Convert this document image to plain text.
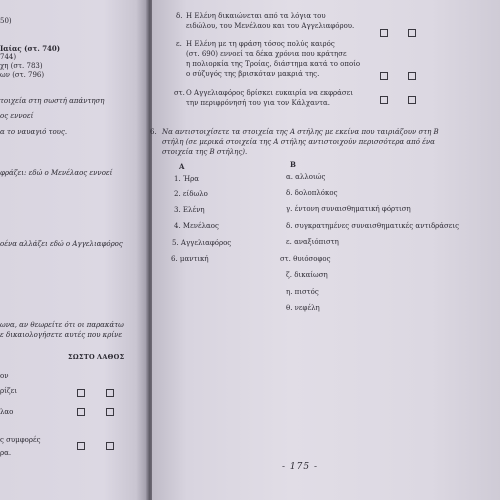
50)
Ιαίας (στ. 740)
744)
χη (στ. 783)
ων (στ. 796)
τοιχεία στη σωστή απάντηση
ος εννοεί
α το ναυαγιό τους.
φράζει: εδώ ο Μενέλαος εννοεί
οένα αλλάζει εδώ ο Αγγελιαφόρος
ωνα, αν θεωρείτε ότι οι παρακάτω
ε δικαιολογήσετε αυτές που κρίνε
ΣΩΣΤΟ ΛΑΘΟΣ
ον
ρίζει
λαο
ς συμφορές
ρα.
δ. Η Ελένη δικαιώνεται από τα λόγια του
ειδώλου, του Μενέλαου και του Αγγελιαφόρου.
ε. Η Ελένη με τη φράση τόσος πολύς καιρός
(στ. 690) εννοεί τα δέκα χρόνια που κράτησε
η πολιορκία της Τροίας, διάστημα κατά το οποίο
ο σύζυγός της βρισκόταν μακριά της.
στ. Ο Αγγελιαφόρος δρίσκει ευκαιρία να εκφράσει
την περιφρόνησή του για τον Κάλχαντα.
6. Να αντιστοιχίσετε τα στοιχεία της Α στήλης με εκείνα που ταιριάζουν στη Β
στήλη (σε μερικά στοιχεία της Α στήλης αντιστοιχούν περισσότερα από ένα
στοιχεία της Β στήλης).
Α	Β
1. Ήρα
2. είδωλο
3. Ελένη
4. Μενέλαος
5. Αγγελιαφόρος
6. μαντική
α. αλλοιώς
δ. δολοπλόκος
γ. έντονη συναισθηματική φόρτιση
δ. συγκρατημένες συναισθηματικές αντιδράσεις
ε. αναξιόπιστη
στ. θυιόσοφος
ζ. δικαίωση
η. πιστός
θ. νεφέλη
- 175 -
